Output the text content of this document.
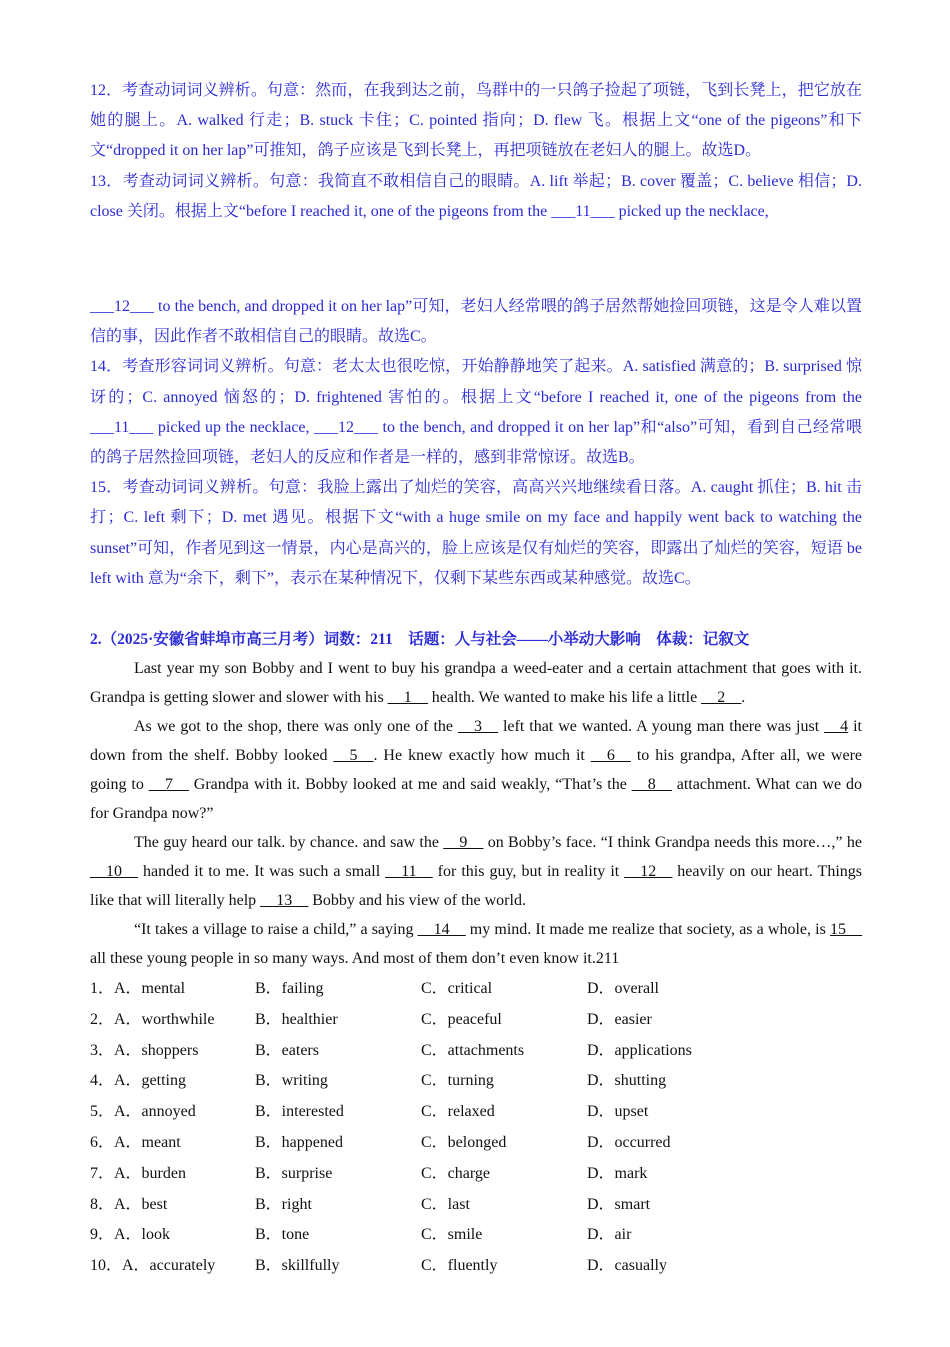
12．考查动词词义辨析。句意：然而，在我到达之前，鸟群中的一只鸽子捡起了项链，飞到长凳上，把它放在她的腿上。A. walked 行走；B. stuck 卡住；C. pointed 指向；D. flew 飞。根据上文“one of the pigeons”和下文“dropped it on her lap”可推知，鸽子应该是飞到长凳上，再把项链放在老妇人的腿上。故选D。

13．考查动词词义辨析。句意：我简直不敢相信自己的眼睛。A. lift 举起；B. cover 覆盖；C. believe 相信；D. close 关闭。根据上文“before I reached it, one of the pigeons from the ___11___ picked up the necklace,

___12___ to the bench, and dropped it on her lap”可知，老妇人经常喂的鸽子居然帮她捡回项链，这是令人难以置信的事，因此作者不敢相信自己的眼睛。故选C。

14．考查形容词词义辨析。句意：老太太也很吃惊，开始静静地笑了起来。A. satisfied 满意的；B. surprised 惊讶的；C. annoyed 恼怒的；D. frightened 害怕的。根据上文“before I reached it, one of the pigeons from the ___11___ picked up the necklace, ___12___ to the bench, and dropped it on her lap”和“also”可知，看到自己经常喂的鸽子居然捡回项链，老妇人的反应和作者是一样的，感到非常惊讶。故选B。

15．考查动词词义辨析。句意：我脸上露出了灿烂的笑容，高高兴兴地继续看日落。A. caught 抓住；B. hit 击打；C. left 剩下；D. met 遇见。根据下文“with a huge smile on my face and happily went back to watching the sunset”可知，作者见到这一情景，内心是高兴的，脸上应该是仅有灿烂的笑容，即露出了灿烂的笑容，短语 be left with 意为“余下，剩下”，表示在某种情况下，仅剩下某些东西或某种感觉。故选C。

2.（2025·安徽省蚌埠市高三月考）词数：211　话题：人与社会——小举动大影响　体裁：记叙文

Last year my son Bobby and I went to buy his grandpa a weed-eater and a certain attachment that goes with it. Grandpa is getting slower and slower with his __1__ health. We wanted to make his life a little __2__.

As we got to the shop, there was only one of the __3__ left that we wanted. A young man there was just __4 it down from the shelf. Bobby looked __5__. He knew exactly how much it __6__ to his grandpa, After all, we were going to __7__ Grandpa with it. Bobby looked at me and said weakly, “That’s the __8__ attachment. What can we do for Grandpa now?”

The guy heard our talk. by chance. and saw the __9__ on Bobby’s face. “I think Grandpa needs this more…,” he __10__ handed it to me. It was such a small __11__ for this guy, but in reality it __12__ heavily on our heart. Things like that will literally help __13__ Bobby and his view of the world.

“It takes a village to raise a child,” a saying __14__ my mind. It made me realize that society, as a whole, is 15__ all these young people in so many ways. And most of them don’t even know it.211

1．A．mental	B．failing	C．critical	D．overall
2．A．worthwhile	B．healthier	C．peaceful	D．easier
3．A．shoppers	B．eaters	C．attachments	D．applications
4．A．getting	B．writing	C．turning	D．shutting
5．A．annoyed	B．interested	C．relaxed	D．upset
6．A．meant	B．happened	C．belonged	D．occurred
7．A．burden	B．surprise	C．charge	D．mark
8．A．best	B．right	C．last	D．smart
9．A．look	B．tone	C．smile	D．air
10．A．accurately B．skillfully	C．fluently	D．casually
